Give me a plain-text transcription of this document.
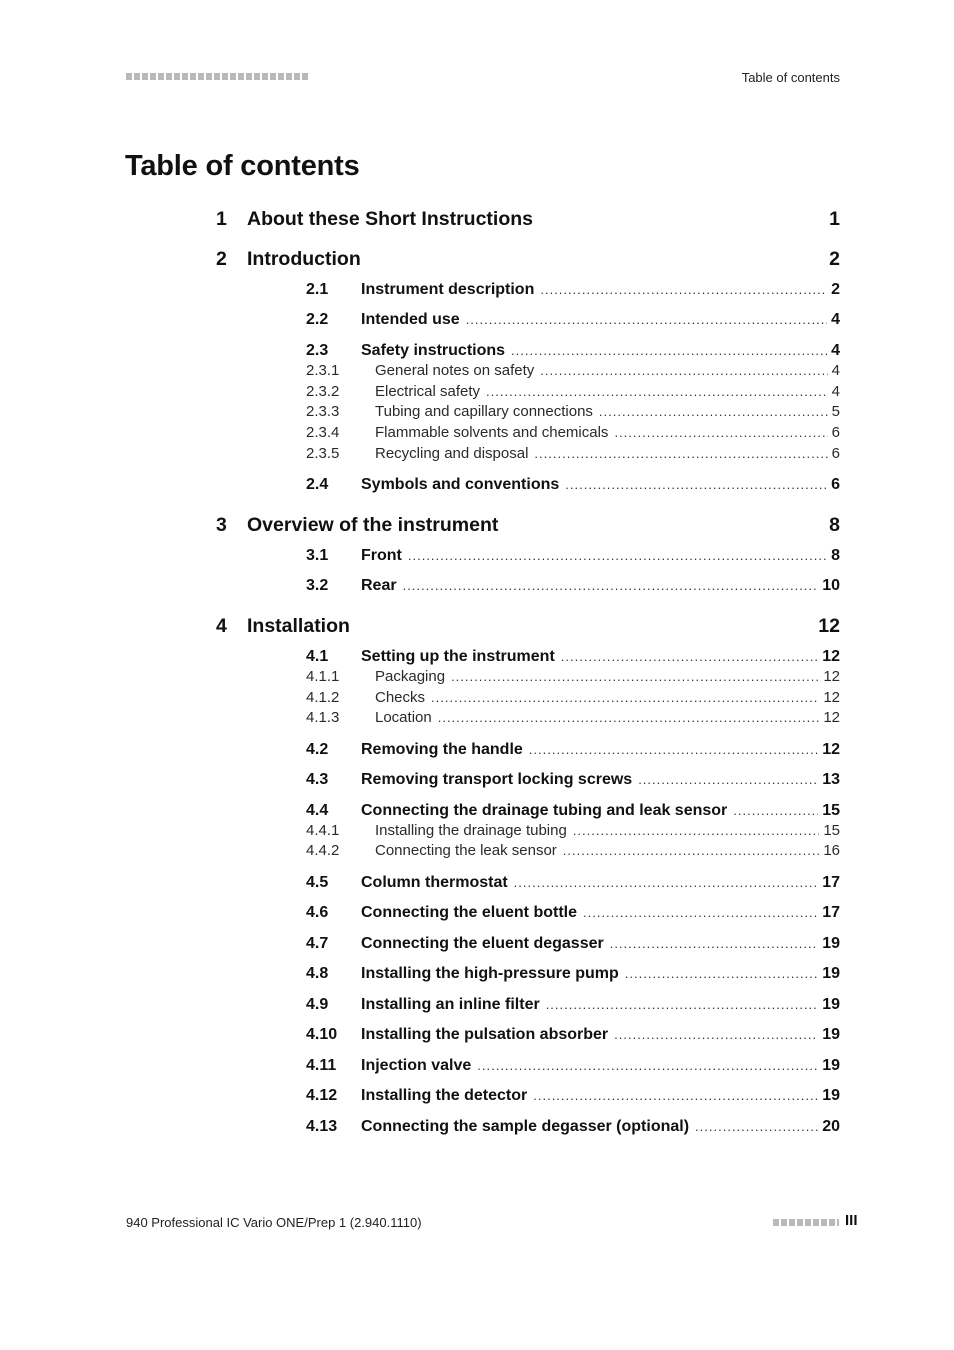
Table of contents
Table of contents
1 About these Short Instructions	1
2 Introduction	2
2.1 Instrument description .....	2
2.2 Intended use .....	4
2.3 Safety instructions .....	4
2.3.1 General notes on safety .....	4
2.3.2 Electrical safety .....	4
2.3.3 Tubing and capillary connections .....	5
2.3.4 Flammable solvents and chemicals .....	6
2.3.5 Recycling and disposal .....	6
2.4 Symbols and conventions .....	6
3 Overview of the instrument	8
3.1 Front .....	8
3.2 Rear .....	10
4 Installation	12
4.1 Setting up the instrument .....	12
4.1.1 Packaging .....	12
4.1.2 Checks .....	12
4.1.3 Location .....	12
4.2 Removing the handle .....	12
4.3 Removing transport locking screws .....	13
4.4 Connecting the drainage tubing and leak sensor .....	15
4.4.1 Installing the drainage tubing .....	15
4.4.2 Connecting the leak sensor .....	16
4.5 Column thermostat .....	17
4.6 Connecting the eluent bottle .....	17
4.7 Connecting the eluent degasser .....	19
4.8 Installing the high-pressure pump .....	19
4.9 Installing an inline filter .....	19
4.10 Installing the pulsation absorber .....	19
4.11 Injection valve .....	19
4.12 Installing the detector .....	19
4.13 Connecting the sample degasser (optional) .....	20
940 Professional IC Vario ONE/Prep 1 (2.940.1110)	III
